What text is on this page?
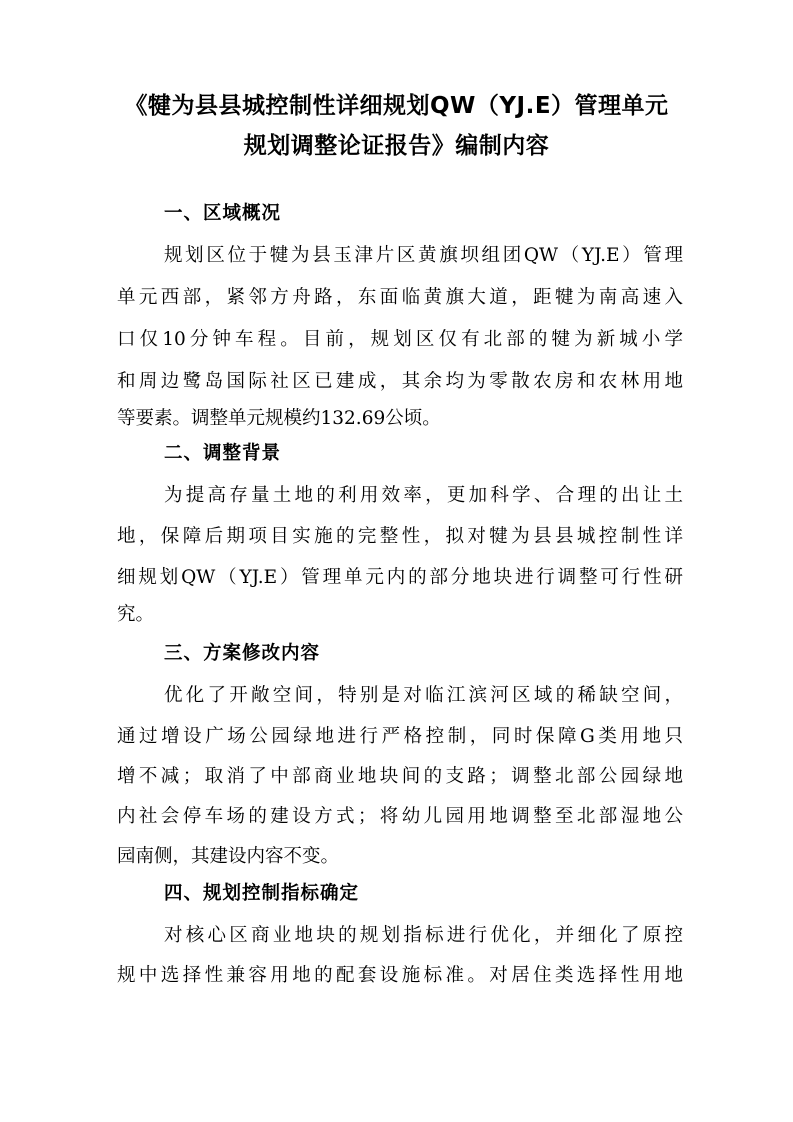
《犍为县县城控制性详细规划QW（YJ.E）管理单元
规划调整论证报告》编制内容
一、区域概况

规划区位于犍为县玉津片区黄旗坝组团QW（YJ.E）管理

单元西部，紧邻方舟路，东面临黄旗大道，距犍为南高速入

口仅10分钟车程。目前，规划区仅有北部的犍为新城小学

和周边鹭岛国际社区已建成，其余均为零散农房和农林用地

等要素。调整单元规模约132.69公顷。

二、调整背景

为提高存量土地的利用效率，更加科学、合理的出让土

地，保障后期项目实施的完整性，拟对犍为县县城控制性详

细规划QW（YJ.E）管理单元内的部分地块进行调整可行性研

究。

三、方案修改内容

优化了开敞空间，特别是对临江滨河区域的稀缺空间，

通过增设广场公园绿地进行严格控制，同时保障G类用地只

增不减；取消了中部商业地块间的支路；调整北部公园绿地

内社会停车场的建设方式；将幼儿园用地调整至北部湿地公

园南侧，其建设内容不变。

四、规划控制指标确定

对核心区商业地块的规划指标进行优化，并细化了原控

规中选择性兼容用地的配套设施标准。对居住类选择性用地
